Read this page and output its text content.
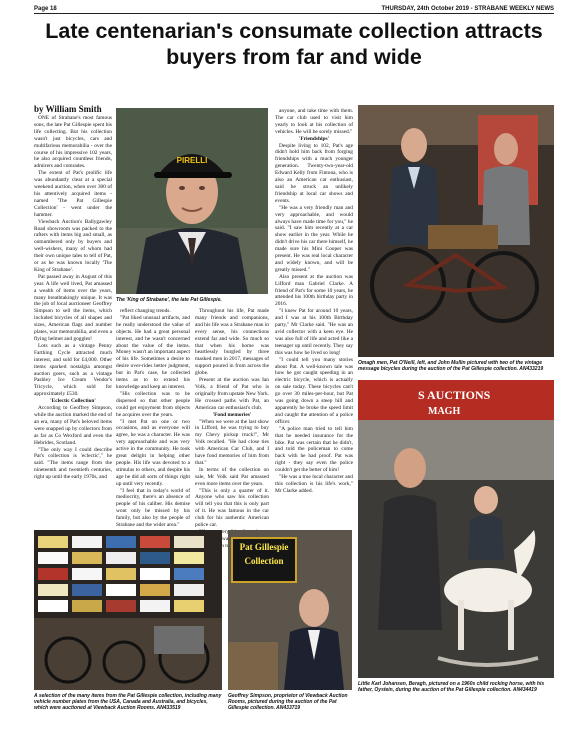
Page 18	THURSDAY, 24th October 2019 - STRABANE WEEKLY NEWS
Late centenarian's consumate collection attracts buyers from far and wide
by William Smith

ONE of Strabane's most famous sons, the late Pat Gillespie spent his life collecting. But his collection wasn't just bicycles, cars and multifarious memorabilia - over the course of his impressive 102 years, he also acquired countless friends, admirers and comrades.

The extent of Pat's prolific life was abundantly clear at a special weekend auction, when over 300 of his attentively acquired items - named 'The Pat Gillespie Collection' - went under the hammer.

Viewback Auction's Ballygawley Road showroom was packed to the rafters with items big and small, as outnumbered only by buyers and well-wishers, many of whom had their own unique tales to tell of Pat, or as he was known locally 'The King of Strabane'.

Pat passed away in August of this year. A life well lived, Pat amassed a wealth of items over the years, many breathtakingly unique. It was the job of local auctioneer Geoffrey Simpson to sell the items, which included bicycles of all shapes and sizes, American flags and number plates, war memorabilia, and even a flying helmet and goggles!

Lots such as a vintage Penny Farthing Cycle attracted much interest, and sold for £4,000. Other items sparked nostalgia amongst auction goers, such as a vintage Pashley Ice Cream Vendor's Tricycle, which sold for approximately £530.

'Eclectic Collection'

According to Geoffrey Simpson, while the auction marked the end of an era, many of Pat's beloved items were snapped up by collectors from as far as Co Wexford and even the Hebrides, Scotland.

"The only way I could describe Pat's collection is 'eclectic'," he said. "The items range from the nineteenth and twentieth centuries, right up until the early 1970s, and

PIRELLI
The 'King of Strabane', the late Pat Gillespie.

reflect changing trends.

"Pat liked unusual artifacts, and he really understood the value of objects. He had a great personal interest, and he wasn't concerned about the value of the items. Money wasn't an important aspect of his life. Sometimes a desire to desire over-rides better judgment, but in Pat's case, he collected items as to to extend his knowledge and keep an interest.

"His collection was to be dispersed so that other people could get enjoyment from objects he acquires over the years.

"I met Pat on one or two occasions, and as everyone will agree, he was a character. He was very approachable and was very active in the community. He took great delight in helping other people. His life was devoted to a stimulus to others, and despite his age he did all sorts of things right up until very recently.

"I feel that in today's world of mediocrity, there's an absence of people of his caliber. His demise wont only be missed by his family, but also by the people of Strabane and the wider area."

Throughout his life, Pat made many friends and companions, and his life was a Strabane man in every sense, his connections extend far and wide. So much so that when his home was heartlessly burgled by three masked men in 2017, messages of support poured in from across the globe.

Present at the auction was Ian Volk, a friend of Pat who is originally from upstate New York. He crossed paths with Pat, an American car enthusiast's club.

'Fond memories'

"When we were at the last show in Lifford, he was trying to buy my Chevy pickup truck!", Mr Volk recalled. "He had close ties with American Car Club, and I have fond memories of him from that."

In terms of the collection on sale, Mr Volk said Pat amassed even more items over the years.

"This is only a quarter of it. Anyone who saw his collection will tell you that this is only part of it. He was famous in the car club for his authentic American police car.

very always

anyone, and take time with them. The car club used to visit him yearly to look at his collection of vehicles. He will be sorely missed."

'Friendships'

Despite living to 102, Pat's age didn't hold him back from forging friendships with a much younger generation. Twenty-two-year-old Edward Kelly from Fintona, who is also an American car enthusiast, said he struck an unlikely friendship at local car shows and events.

"He was a very friendly man and very approachable, and would always have made time for you," he said. "I saw him recently at a car show earlier in the year. While he didn't drive his car there himself, he made sure his Mini Cooper was present. He was real local character and widely known, and will be greatly missed."

Also present at the auction was Lifford man Gabriel Clarke. A friend of Pat's for some 10 years, he attended his 100th birthday party in 2016.

"I knew Pat for around 10 years, and I was at his 100th Birthday party," Mr Clarke said. "He was an avid collector with a keen eye. He was also full of life and acted like a teenager up until recently. They say this was how he lived so long!

"I could tell you many stories about Pat. A well-known tale was how he got caught speeding in an electric bicycle, which is actually on sale today. These bicycles can't go over 30 miles-per-hour, but Pat was going down a steep hill and apparently he broke the speed limit and caught the attention of a police officer.

"A police man tried to tell him that he needed insurance for the bike. Pat was certain that he didn't, and told the policeman to come back with he had proof. Pat was right - they say even the police couldn't get the better of him!

"He was a true local character and this collection is his life's work," Mr Clarke added.

Omagh men, Pat O'Neill, left, and John Mullin pictured with two of the vintage message bicycles during the auction of the Pat Gillespie collection. AN433219
A selection of the many items from the Pat Gillespie collection, including many vehicle number plates from the USA, Canada and Australia, and bicycles, which were auctioned at Viewback Auction Rooms. AN433519
Pat Gillespie
Collection
Geoffrey Simpson, proprietor of Viewback Auction Rooms, pictured during the auction of the Pat Gillespie collection. AN433719
S AUCTIONS
MAGH
Little Karl Johansen, Beragh, pictured on a 1960s child rocking horse, with his father, Oystein, during the auction of the Pat Gillespie collection. AN434419
